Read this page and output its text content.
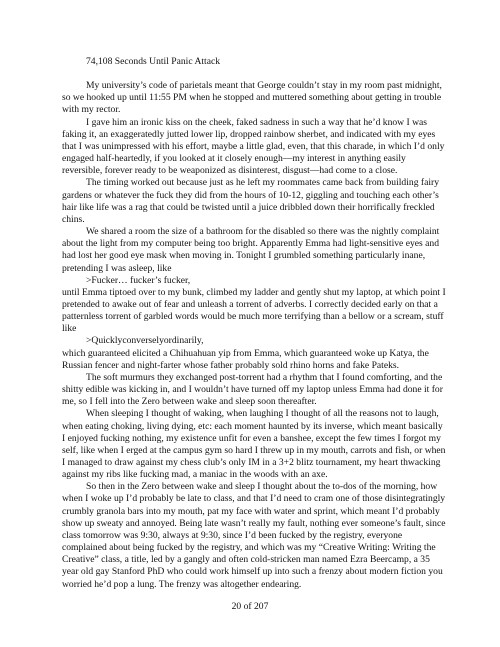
74,108 Seconds Until Panic Attack

My university’s code of parietals meant that George couldn’t stay in my room past midnight, so we hooked up until 11:55 PM when he stopped and muttered something about getting in trouble with my rector.

I gave him an ironic kiss on the cheek, faked sadness in such a way that he’d know I was faking it, an exaggeratedly jutted lower lip, dropped rainbow sherbet, and indicated with my eyes that I was unimpressed with his effort, maybe a little glad, even, that this charade, in which I’d only engaged half-heartedly, if you looked at it closely enough—my interest in anything easily reversible, forever ready to be weaponized as disinterest, disgust—had come to a close.

The timing worked out because just as he left my roommates came back from building fairy gardens or whatever the fuck they did from the hours of 10-12, giggling and touching each other’s hair like life was a rag that could be twisted until a juice dribbled down their horrifically freckled chins.

We shared a room the size of a bathroom for the disabled so there was the nightly complaint about the light from my computer being too bright. Apparently Emma had light-sensitive eyes and had lost her good eye mask when moving in. Tonight I grumbled something particularly inane, pretending I was asleep, like

>Fucker… fucker’s fucker,

until Emma tiptoed over to my bunk, climbed my ladder and gently shut my laptop, at which point I pretended to awake out of fear and unleash a torrent of adverbs. I correctly decided early on that a patternless torrent of garbled words would be much more terrifying than a bellow or a scream, stuff like

>Quicklyconverselyordinarily,

which guaranteed elicited a Chihuahuan yip from Emma, which guaranteed woke up Katya, the Russian fencer and night-farter whose father probably sold rhino horns and fake Pateks.

The soft murmurs they exchanged post-torrent had a rhythm that I found comforting, and the shitty edible was kicking in, and I wouldn’t have turned off my laptop unless Emma had done it for me, so I fell into the Zero between wake and sleep soon thereafter.

When sleeping I thought of waking, when laughing I thought of all the reasons not to laugh, when eating choking, living dying, etc: each moment haunted by its inverse, which meant basically I enjoyed fucking nothing, my existence unfit for even a banshee, except the few times I forgot my self, like when I erged at the campus gym so hard I threw up in my mouth, carrots and fish, or when I managed to draw against my chess club’s only IM in a 3+2 blitz tournament, my heart thwacking against my ribs like fucking mad, a maniac in the woods with an axe.

So then in the Zero between wake and sleep I thought about the to-dos of the morning, how when I woke up I’d probably be late to class, and that I’d need to cram one of those disintegratingly crumbly granola bars into my mouth, pat my face with water and sprint, which meant I’d probably show up sweaty and annoyed. Being late wasn’t really my fault, nothing ever someone’s fault, since class tomorrow was 9:30, always at 9:30, since I’d been fucked by the registry, everyone complained about being fucked by the registry, and which was my “Creative Writing: Writing the Creative” class, a title, led by a gangly and often cold-stricken man named Ezra Beercamp, a 35 year old gay Stanford PhD who could work himself up into such a frenzy about modern fiction you worried he’d pop a lung. The frenzy was altogether endearing.

20 of 207
